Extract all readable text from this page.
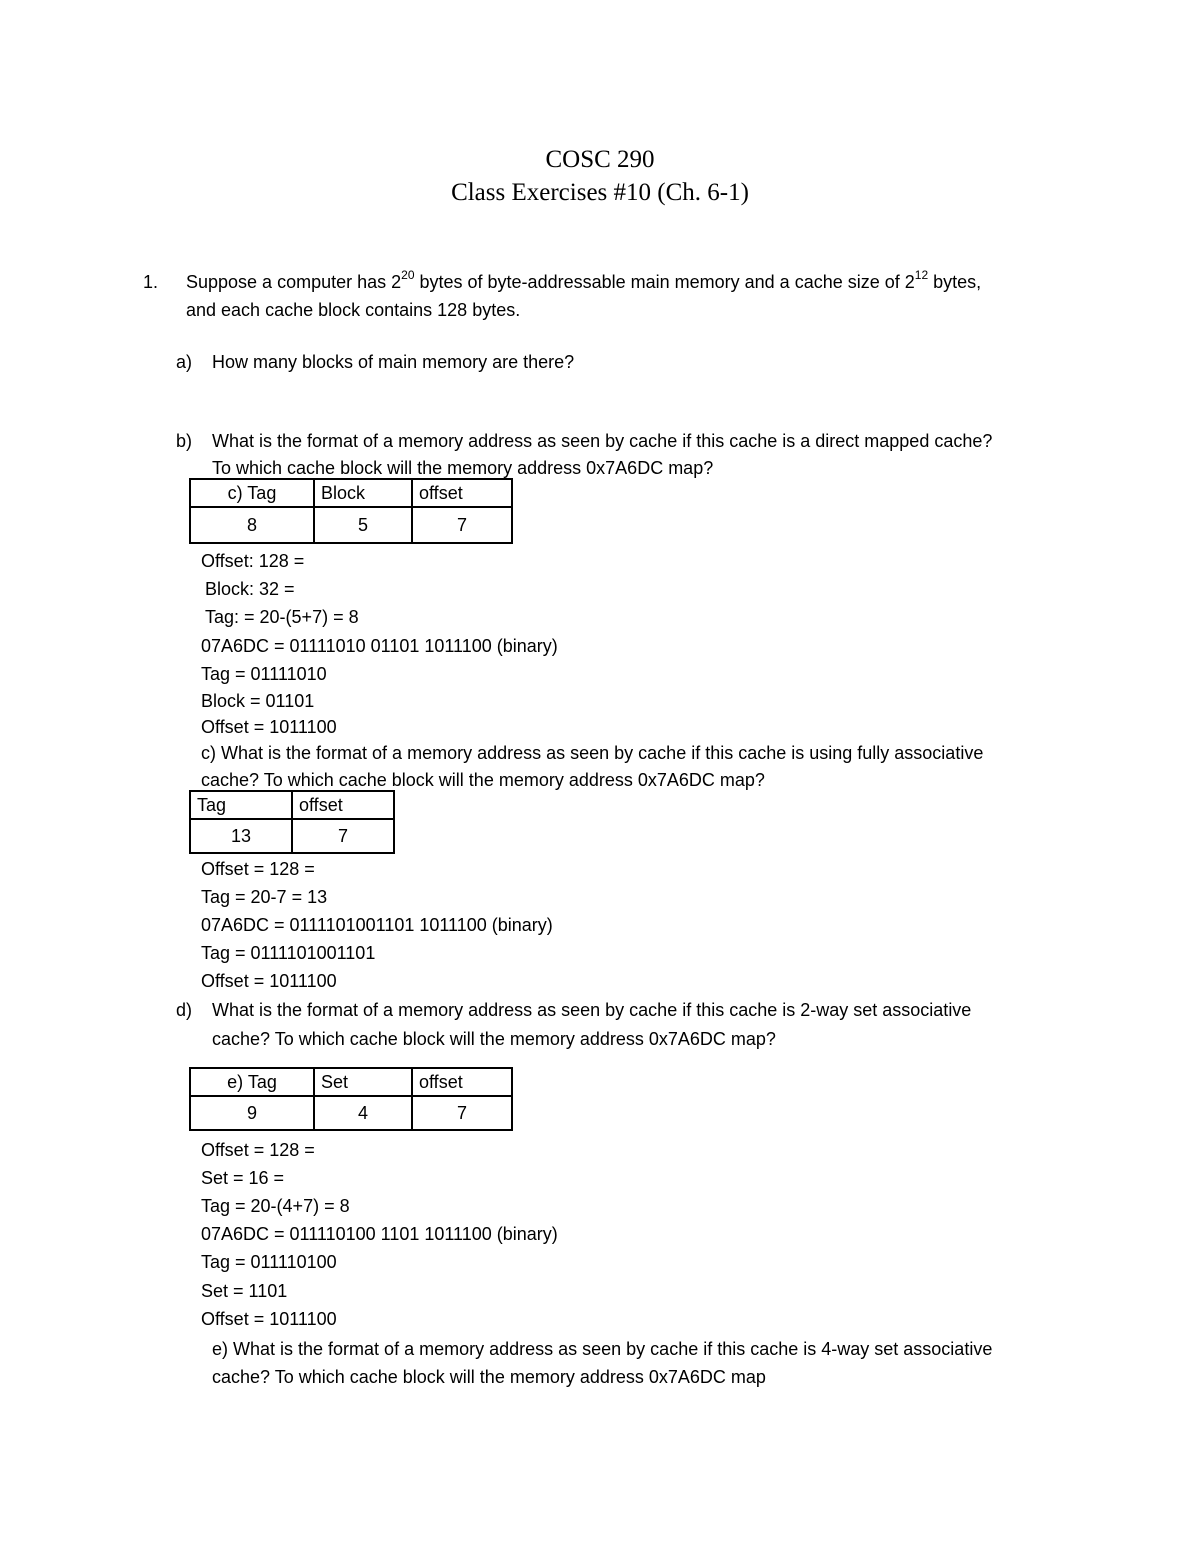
COSC 290
Class Exercises #10 (Ch. 6-1)
1. Suppose a computer has $2^{20}$ bytes of byte-addressable main memory and a cache size of $2^{12}$ bytes,
and each cache block contains 128 bytes.
a) How many blocks of main memory are there?
b) What is the format of a memory address as seen by cache if this cache is a direct mapped cache?
To which cache block will the memory address 0x7A6DC map?
c) Tag	Block	offset
8	5	7
Offset: 128 =
Block: 32 =
Tag: = 20-(5+7) = 8
07A6DC = 01111010 01101 1011100 (binary)
Tag = 01111010
Block = 01101
Offset = 1011100
c) What is the format of a memory address as seen by cache if this cache is using fully associative
cache? To which cache block will the memory address 0x7A6DC map?
Tag	offset
13	7
Offset = 128 =
Tag = 20-7 = 13
07A6DC = 0111101001101 1011100 (binary)
Tag = 0111101001101
Offset = 1011100
d) What is the format of a memory address as seen by cache if this cache is 2-way set associative
cache? To which cache block will the memory address 0x7A6DC map?
e) Tag	Set	offset
9	4	7
Offset = 128 =
Set = 16 =
Tag = 20-(4+7) = 8
07A6DC = 011110100 1101 1011100 (binary)
Tag = 011110100
Set = 1101
Offset = 1011100
e) What is the format of a memory address as seen by cache if this cache is 4-way set associative
cache? To which cache block will the memory address 0x7A6DC map
